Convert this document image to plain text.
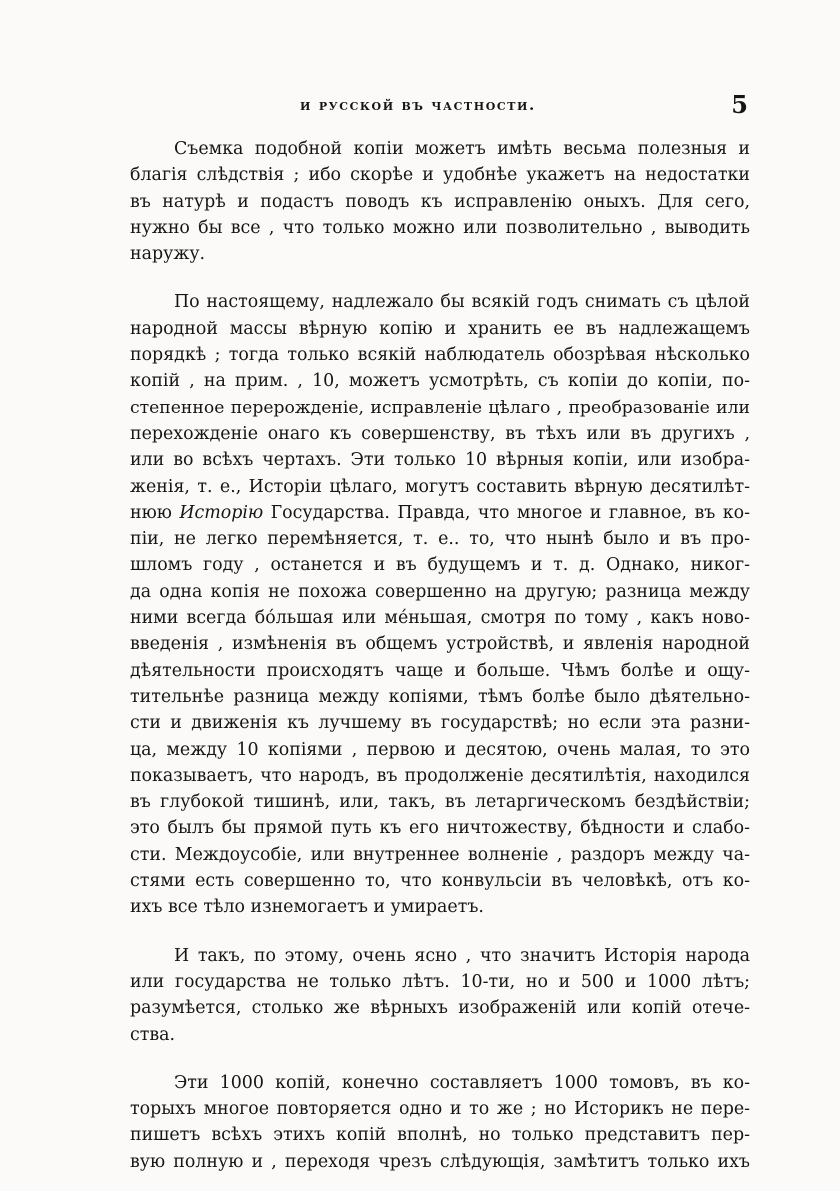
и русской въ частности.	5
Съемка подобной копіи можетъ имѣть весьма полезныя и
благія слѣдствія ; ибо скорѣе и удобнѣе укажетъ на недостатки
въ натурѣ и подастъ поводъ къ исправленію оныхъ. Для сего,
нужно бы все , что только можно или позволительно , выводить
наружу.
По настоящему, надлежало бы всякій годъ снимать съ цѣлой
народной массы вѣрную копію и хранить ее въ надлежащемъ
порядкѣ ; тогда только всякій наблюдатель обозрѣвая нѣсколько
копій , на прим. , 10, можетъ усмотрѣть, съ копіи до копіи, по-
степенное перерожденіе, исправленіе цѣлаго , преобразованіе или
перехожденіе онаго къ совершенству, въ тѣхъ или въ другихъ ,
или во всѣхъ чертахъ. Эти только 10 вѣрныя копіи, или изобра-
женія, т. е., Исторіи цѣлаго, могутъ составить вѣрную десятилѣт-
нюю Исторію Государства. Правда, что многое и главное, въ ко-
піи, не легко перемѣняется, т. е.. то, что нынѣ было и въ про-
шломъ году , останется и въ будущемъ и т. д. Однако, никог-
да одна копія не похожа совершенно на другую; разница между
ними всегда бóльшая или мéньшая, смотря по тому , какъ ново-
введенія , измѣненія въ общемъ устройствѣ, и явленія народной
дѣятельности происходятъ чаще и больше. Чѣмъ болѣе и ощу-
тительнѣе разница между копіями, тѣмъ болѣе было дѣятельно-
сти и движенія къ лучшему въ государствѣ; но если эта разни-
ца, между 10 копіями , первою и десятою, очень малая, то это
показываетъ, что народъ, въ продолженіе десятилѣтія, находился
въ глубокой тишинѣ, или, такъ, въ летаргическомъ бездѣйствіи;
это былъ бы прямой путь къ его ничтожеству, бѣдности и слабо-
сти. Междоусобіе, или внутреннее волненіе , раздоръ между ча-
стями есть совершенно то, что конвульсіи въ человѣкѣ, отъ ко-
ихъ все тѣло изнемогаетъ и умираетъ.
И такъ, по этому, очень ясно , что значитъ Исторія народа
или государства не только лѣтъ. 10-ти, но и 500 и 1000 лѣтъ;
разумѣется, столько же вѣрныхъ изображеній или копій отече-
ства.
Эти 1000 копій, конечно составляетъ 1000 томовъ, въ ко-
торыхъ многое повторяется одно и то же ; но Историкъ не пере-
пишетъ всѣхъ этихъ копій вполнѣ, но только представитъ пер-
вую полную и , переходя чрезъ слѣдующія, замѣтитъ только ихъ
